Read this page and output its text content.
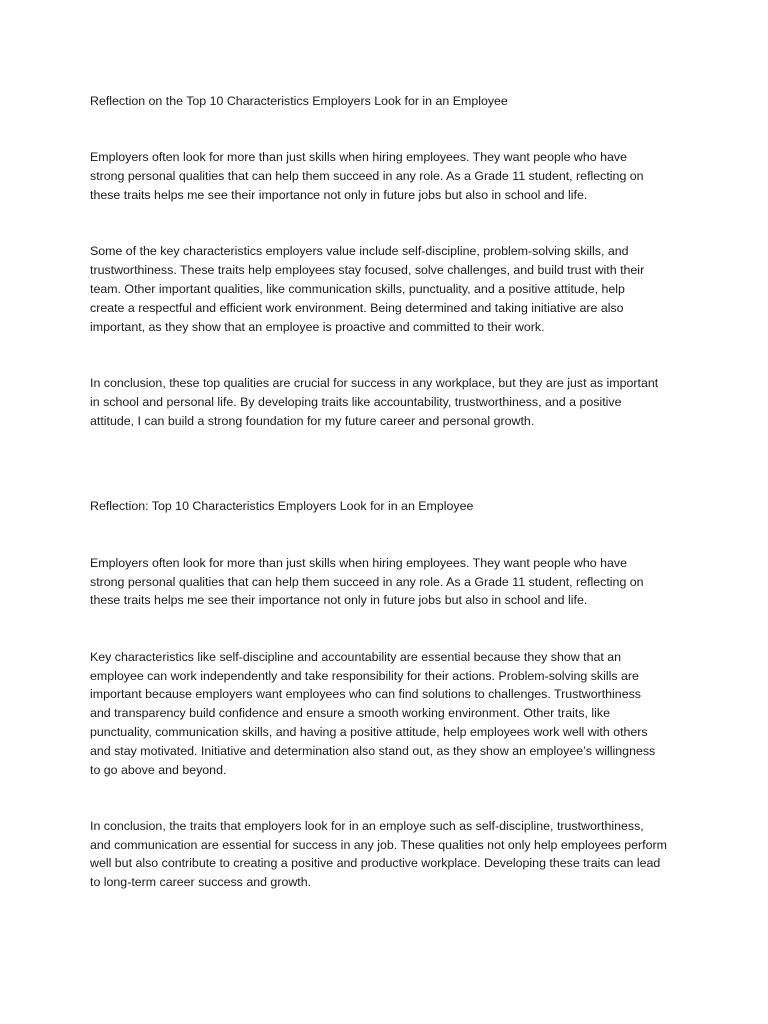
Reflection on the Top 10 Characteristics Employers Look for in an Employee

Employers often look for more than just skills when hiring employees. They want people who have
strong personal qualities that can help them succeed in any role. As a Grade 11 student, reflecting on
these traits helps me see their importance not only in future jobs but also in school and life.

Some of the key characteristics employers value include self-discipline, problem-solving skills, and
trustworthiness. These traits help employees stay focused, solve challenges, and build trust with their
team. Other important qualities, like communication skills, punctuality, and a positive attitude, help
create a respectful and efficient work environment. Being determined and taking initiative are also
important, as they show that an employee is proactive and committed to their work.

In conclusion, these top qualities are crucial for success in any workplace, but they are just as important
in school and personal life. By developing traits like accountability, trustworthiness, and a positive
attitude, I can build a strong foundation for my future career and personal growth.

Reflection: Top 10 Characteristics Employers Look for in an Employee

Employers often look for more than just skills when hiring employees. They want people who have
strong personal qualities that can help them succeed in any role. As a Grade 11 student, reflecting on
these traits helps me see their importance not only in future jobs but also in school and life.

Key characteristics like self-discipline and accountability are essential because they show that an
employee can work independently and take responsibility for their actions. Problem-solving skills are
important because employers want employees who can find solutions to challenges. Trustworthiness
and transparency build confidence and ensure a smooth working environment. Other traits, like
punctuality, communication skills, and having a positive attitude, help employees work well with others
and stay motivated. Initiative and determination also stand out, as they show an employee’s willingness
to go above and beyond.

In conclusion, the traits that employers look for in an employe such as self-discipline, trustworthiness,
and communication are essential for success in any job. These qualities not only help employees perform
well but also contribute to creating a positive and productive workplace. Developing these traits can lead
to long-term career success and growth.
